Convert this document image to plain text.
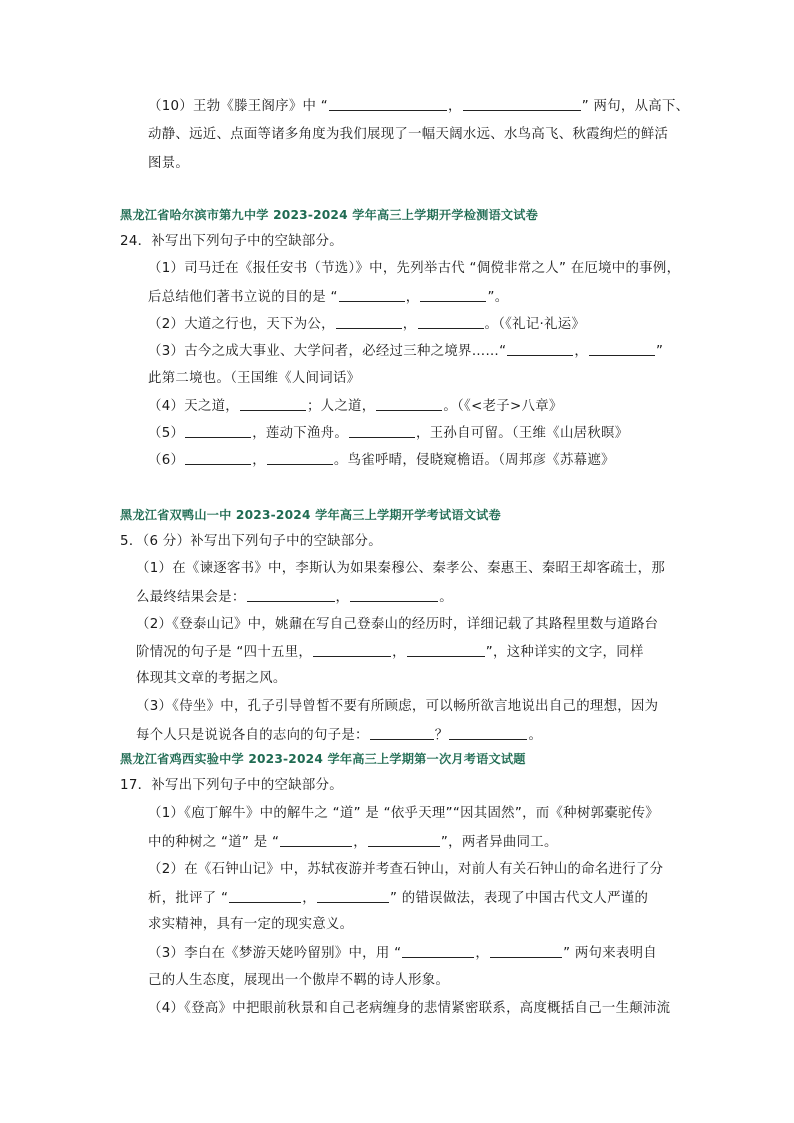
（10）王勃《滕王阁序》中 “	，	” 两句，从高下、
动静、远近、点面等诸多角度为我们展现了一幅天阔水远、水鸟高飞、秋霞绚烂的鲜活
图景。
黑龙江省哈尔滨市第九中学 2023-2024 学年高三上学期开学检测语文试卷
24．补写出下列句子中的空缺部分。
（1）司马迁在《报任安书（节选）》中，先列举古代 “倜傥非常之人” 在厄境中的事例，
后总结他们著书立说的目的是 “	，	”。
（2）大道之行也，天下为公，	，	。（《礼记·礼运》
（3）古今之成大事业、大学问者，必经过三种之境界……“	，	”
此第二境也。（王国维《人间词话》
（4）天之道，	；人之道，	。（《<老子>八章》
（5）	，莲动下渔舟。	，王孙自可留。（王维《山居秋暝》
（6）	，	。鸟雀呼晴，侵晓窥檐语。（周邦彦《苏幕遮》
黑龙江省双鸭山一中 2023-2024 学年高三上学期开学考试语文试卷
5．（6 分）补写出下列句子中的空缺部分。
（1）在《谏逐客书》中，李斯认为如果秦穆公、秦孝公、秦惠王、秦昭王却客疏士，那
么最终结果会是：	，	。
（2）《登泰山记》中，姚鼐在写自己登泰山的经历时，详细记载了其路程里数与道路台
阶情况的句子是 “四十五里，	，	”，这种详实的文字，同样
体现其文章的考据之风。
（3）《侍坐》中，孔子引导曾皙不要有所顾虑，可以畅所欲言地说出自己的理想，因为
每个人只是说说各自的志向的句子是：	？	。
黑龙江省鸡西实验中学 2023-2024 学年高三上学期第一次月考语文试题
17．补写出下列句子中的空缺部分。
（1）《庖丁解牛》中的解牛之 “道” 是 “依乎天理”“因其固然”，而《种树郭橐驼传》
中的种树之 “道” 是 “	，	”，两者异曲同工。
（2）在《石钟山记》中，苏轼夜游并考查石钟山，对前人有关石钟山的命名进行了分
析，批评了 “	，	” 的错误做法，表现了中国古代文人严谨的
求实精神，具有一定的现实意义。
（3）李白在《梦游天姥吟留别》中，用 “	，	” 两句来表明自
己的人生态度，展现出一个傲岸不羁的诗人形象。
（4）《登高》中把眼前秋景和自己老病缠身的悲情紧密联系，高度概括自己一生颠沛流
